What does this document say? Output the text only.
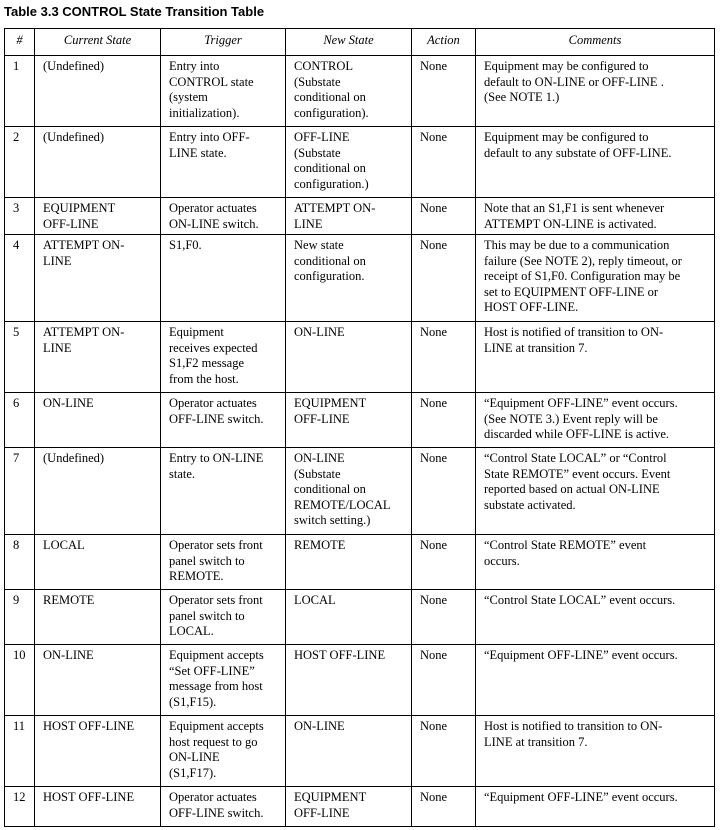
Table 3.3 CONTROL State Transition Table
#	Current State	Trigger	New State	Action	Comments
1	(Undefined)	Entry into
CONTROL state
(system
initialization).	CONTROL
(Substate
conditional on
configuration).	None	Equipment may be configured to
default to ON-LINE or OFF-LINE .
(See NOTE 1.)
2	(Undefined)	Entry into OFF-
LINE state.	OFF-LINE
(Substate
conditional on
configuration.)	None	Equipment may be configured to
default to any substate of OFF-LINE.
3	EQUIPMENT
OFF-LINE	Operator actuates
ON-LINE switch.	ATTEMPT ON-
LINE	None	Note that an S1,F1 is sent whenever
ATTEMPT ON-LINE is activated.
4	ATTEMPT ON-
LINE	S1,F0.	New state
conditional on
configuration.	None	This may be due to a communication
failure (See NOTE 2), reply timeout, or
receipt of S1,F0. Configuration may be
set to EQUIPMENT OFF-LINE or
HOST OFF-LINE.
5	ATTEMPT ON-
LINE	Equipment
receives expected
S1,F2 message
from the host.	ON-LINE	None	Host is notified of transition to ON-
LINE at transition 7.
6	ON-LINE	Operator actuates
OFF-LINE switch.	EQUIPMENT
OFF-LINE	None	“Equipment OFF-LINE” event occurs.
(See NOTE 3.) Event reply will be
discarded while OFF-LINE is active.
7	(Undefined)	Entry to ON-LINE
state.	ON-LINE
(Substate
conditional on
REMOTE/LOCAL
switch setting.)	None	“Control State LOCAL” or “Control
State REMOTE” event occurs. Event
reported based on actual ON-LINE
substate activated.
8	LOCAL	Operator sets front
panel switch to
REMOTE.	REMOTE	None	“Control State REMOTE” event
occurs.
9	REMOTE	Operator sets front
panel switch to
LOCAL.	LOCAL	None	“Control State LOCAL” event occurs.
10	ON-LINE	Equipment accepts
“Set OFF-LINE”
message from host
(S1,F15).	HOST OFF-LINE	None	“Equipment OFF-LINE” event occurs.
11	HOST OFF-LINE	Equipment accepts
host request to go
ON-LINE
(S1,F17).	ON-LINE	None	Host is notified to transition to ON-
LINE at transition 7.
12	HOST OFF-LINE	Operator actuates
OFF-LINE switch.	EQUIPMENT
OFF-LINE	None	“Equipment OFF-LINE” event occurs.
